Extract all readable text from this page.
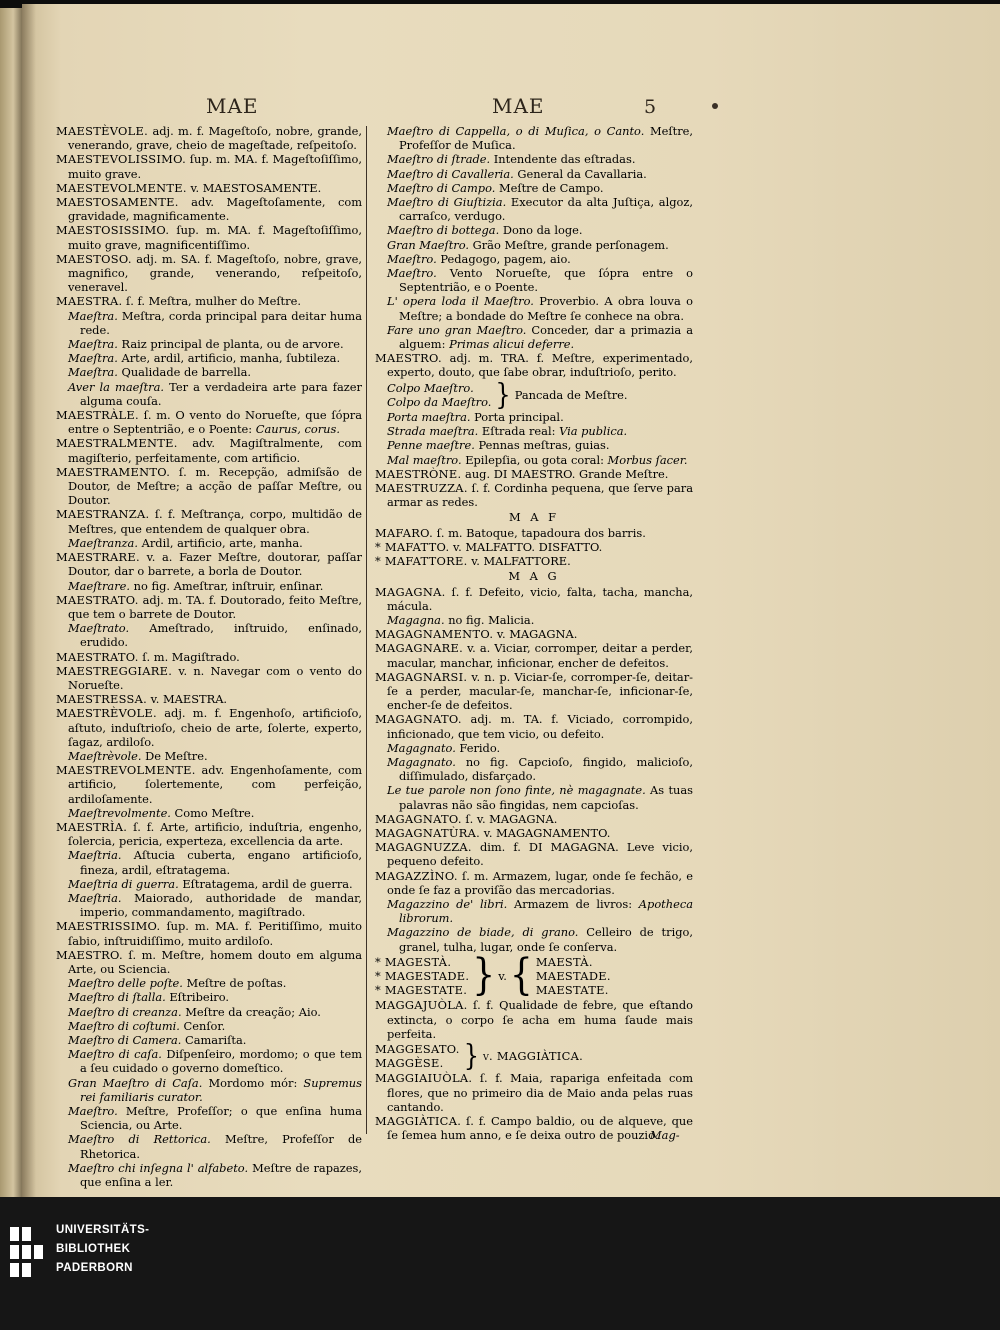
MAE	MAE	5

MAESTÈVOLE. adj. m. f. Mageſtoſo, nobre, grande, venerando, grave, cheio de mageſtade, reſpeitoſo.

MAESTEVOLISSIMO. ſup. m. MA. f. Mageſtoſiſſimo, muito grave.

MAESTEVOLMENTE. v. MAESTOSAMENTE.

MAESTOSAMENTE. adv. Mageſtoſamente, com gravidade, magnificamente.

MAESTOSISSIMO. ſup. m. MA. f. Mageſtoſiſſimo, muito grave, magnificentiſſimo.

MAESTOSO. adj. m. SA. f. Mageſtoſo, nobre, grave, magnifico, grande, venerando, reſpeitoſo, veneravel.

MAESTRA. ſ. f. Meſtra, mulher do Meſtre.

Maeſtra. Meſtra, corda principal para deitar huma rede.

Maeſtra. Raiz principal de planta, ou de arvore.

Maeſtra. Arte, ardil, artificio, manha, ſubtileza.

Maeſtra. Qualidade de barrella.

Aver la maeſtra. Ter a verdadeira arte para fazer alguma couſa.

MAESTRÀLE. ſ. m. O vento do Norueſte, que ſópra entre o Septentrião, e o Poente: Caurus, corus.

MAESTRALMENTE. adv. Magiſtralmente, com magiſterio, perfeitamente, com artificio.

MAESTRAMENTO. ſ. m. Recepção, admiſsão de Doutor, de Meſtre; a acção de paſſar Meſtre, ou Doutor.

MAESTRANZA. ſ. f. Meſtrança, corpo, multidão de Meſtres, que entendem de qualquer obra.

Maeſtranza. Ardil, artificio, arte, manha.

MAESTRARE. v. a. Fazer Meſtre, doutorar, paſſar Doutor, dar o barrete, a borla de Doutor.

Maeſtrare. no fig. Ameſtrar, inſtruir, enſinar.

MAESTRATO. adj. m. TA. f. Doutorado, feito Meſtre, que tem o barrete de Doutor.

Maeſtrato. Ameſtrado, inſtruido, enſinado, erudido.

MAESTRATO. ſ. m. Magiſtrado.

MAESTREGGIARE. v. n. Navegar com o vento do Norueſte.

MAESTRESSA. v. MAESTRA.

MAESTRÈVOLE. adj. m. f. Engenhoſo, artificioſo, aſtuto, induſtrioſo, cheio de arte, ſolerte, experto, ſagaz, ardiloſo.

Maeſtrèvole. De Meſtre.

MAESTREVOLMENTE. adv. Engenhoſamente, com artificio, ſolertemente, com perfeição, ardiloſamente.

Maeſtrevolmente. Como Meſtre.

MAESTRÌA. ſ. f. Arte, artificio, induſtria, engenho, ſolercia, pericia, experteza, excellencia da arte.

Maeſtria. Aſtucia cuberta, engano artificioſo, fineza, ardil, eſtratagema.

Maeſtria di guerra. Eſtratagema, ardil de guerra.

Maeſtria. Maiorado, authoridade de mandar, imperio, commandamento, magiſtrado.

MAESTRISSIMO. ſup. m. MA. f. Peritiſſimo, muito ſabio, inſtruidiſſimo, muito ardiloſo.

MAESTRO. ſ. m. Meſtre, homem douto em alguma Arte, ou Sciencia.

Maeſtro delle poſte. Meſtre de poſtas.

Maeſtro di ſtalla. Eſtribeiro.

Maeſtro di creanza. Meſtre da creação; Aio.

Maeſtro di coſtumi. Cenſor.

Maeſtro di Camera. Camariſta.

Maeſtro di caſa. Diſpenſeiro, mordomo; o que tem a ſeu cuidado o governo domeſtico.

Gran Maeſtro di Caſa. Mordomo mór: Supremus rei familiaris curator.

Maeſtro. Meſtre, Profeſſor; o que enſina huma Sciencia, ou Arte.

Maeſtro di Rettorica. Meſtre, Profeſſor de Rhetorica.

Maeſtro chi inſegna l' alfabeto. Meſtre de rapazes, que enſina a ler.

Maeſtro di Cappella, o di Muſica, o Canto. Meſtre, Profeſſor de Muſica.

Maeſtro di ſtrade. Intendente das eſtradas.

Maeſtro di Cavalleria. General da Cavallaria.

Maeſtro di Campo. Meſtre de Campo.

Maeſtro di Giuſtizia. Executor da alta Juſtiça, algoz, carraſco, verdugo.

Maeſtro di bottega. Dono da loge.

Gran Maeſtro. Grão Meſtre, grande perſonagem.

Maeſtro. Pedagogo, pagem, aio.

Maeſtro. Vento Norueſte, que ſópra entre o Septentrião, e o Poente.

L' opera loda il Maeſtro. Proverbio. A obra louva o Meſtre; a bondade do Meſtre ſe conhece na obra.

Fare uno gran Maeſtro. Conceder, dar a primazia a alguem: Primas alicui deferre.

MAESTRO. adj. m. TRA. f. Meſtre, experimentado, experto, douto, que ſabe obrar, induſtrioſo, perito.

Colpo Maeſtro.
Colpo da Maeſtro. } Pancada de Meſtre.

Porta maeſtra. Porta principal.

Strada maeſtra. Eſtrada real: Via publica.

Penne maeſtre. Pennas meſtras, guias.

Mal maeſtro. Epilepſia, ou gota coral: Morbus ſacer.

MAESTRÒNE. aug. DI MAESTRO. Grande Meſtre.

MAESTRUZZA. ſ. f. Cordinha pequena, que ſerve para armar as redes.

M A F

MAFARO. ſ. m. Batoque, tapadoura dos barris.

* MAFATTO. v. MALFATTO. DISFATTO.

* MAFATTORE. v. MALFATTORE.

M A G

MAGAGNA. ſ. f. Defeito, vicio, falta, tacha, mancha, mácula.

Magagna. no fig. Malicia.

MAGAGNAMENTO. v. MAGAGNA.

MAGAGNARE. v. a. Viciar, corromper, deitar a perder, macular, manchar, inficionar, encher de defeitos.

MAGAGNARSI. v. n. p. Viciar-ſe, corromper-ſe, deitar-ſe a perder, macular-ſe, manchar-ſe, inficionar-ſe, encher-ſe de defeitos.

MAGAGNATO. adj. m. TA. f. Viciado, corrompido, inficionado, que tem vicio, ou defeito.

Magagnato. Ferido.

Magagnato. no fig. Capcioſo, fingido, malicioſo, diſſimulado, disfarçado.

Le tue parole non ſono finte, nè magagnate. As tuas palavras não são fingidas, nem capcioſas.

MAGAGNATO. ſ. v. MAGAGNA.

MAGAGNATÙRA. v. MAGAGNAMENTO.

MAGAGNUZZA. dim. f. DI MAGAGNA. Leve vicio, pequeno defeito.

MAGAZZÌNO. ſ. m. Armazem, lugar, onde ſe fechão, e onde ſe faz a proviſão das mercadorias.

Magazzino de' libri. Armazem de livros: Apotheca librorum.

Magazzino de biade, di grano. Celleiro de trigo, granel, tulha, lugar, onde ſe conſerva.

* MAGESTÀ.
* MAGESTADE.
* MAGESTATE. } v. { MAESTÀ.
MAESTADE.
MAESTATE.

MAGGAJUÒLA. ſ. f. Qualidade de febre, que eſtando extincta, o corpo ſe acha em huma ſaude mais perfeita.

MAGGESATO.
MAGGÈSE. } v. MAGGIÀTICA.

MAGGIAIUÒLA. ſ. f. Maia, rapariga enfeitada com flores, que no primeiro dia de Maio anda pelas ruas cantando.

MAGGIÀTICA. ſ. f. Campo baldio, ou de alqueve, que ſe ſemea hum anno, e ſe deixa outro de pouzio.

Mag-
UNIVERSITÄTS-
BIBLIOTHEK
PADERBORN
